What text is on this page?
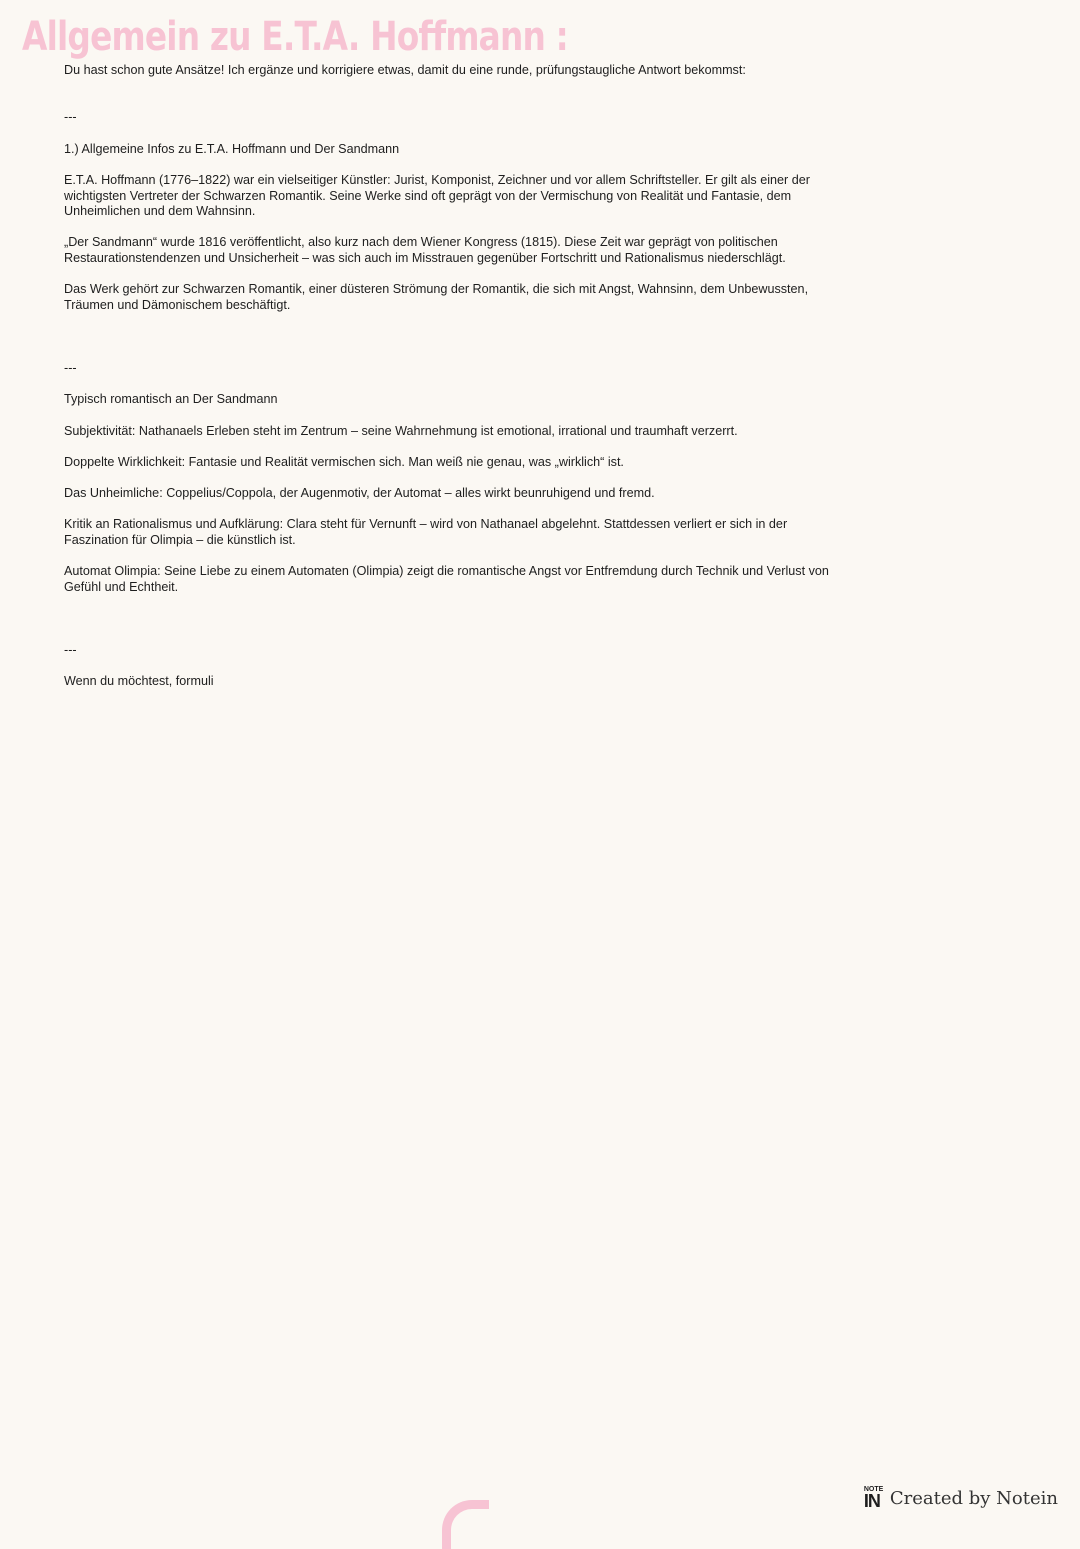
Allgemein zu E.T.A. Hoffmann :
Du hast schon gute Ansätze! Ich ergänze und korrigiere etwas, damit du eine runde, prüfungstaugliche Antwort bekommst:
---
1.) Allgemeine Infos zu E.T.A. Hoffmann und Der Sandmann
E.T.A. Hoffmann (1776–1822) war ein vielseitiger Künstler: Jurist, Komponist, Zeichner und vor allem Schriftsteller. Er gilt als einer der wichtigsten Vertreter der Schwarzen Romantik. Seine Werke sind oft geprägt von der Vermischung von Realität und Fantasie, dem Unheimlichen und dem Wahnsinn.
„Der Sandmann“ wurde 1816 veröffentlicht, also kurz nach dem Wiener Kongress (1815). Diese Zeit war geprägt von politischen Restaurationstendenzen und Unsicherheit – was sich auch im Misstrauen gegenüber Fortschritt und Rationalismus niederschlägt.
Das Werk gehört zur Schwarzen Romantik, einer düsteren Strömung der Romantik, die sich mit Angst, Wahnsinn, dem Unbewussten, Träumen und Dämonischem beschäftigt.
---
Typisch romantisch an Der Sandmann
Subjektivität: Nathanaels Erleben steht im Zentrum – seine Wahrnehmung ist emotional, irrational und traumhaft verzerrt.
Doppelte Wirklichkeit: Fantasie und Realität vermischen sich. Man weiß nie genau, was „wirklich“ ist.
Das Unheimliche: Coppelius/Coppola, der Augenmotiv, der Automat – alles wirkt beunruhigend und fremd.
Kritik an Rationalismus und Aufklärung: Clara steht für Vernunft – wird von Nathanael abgelehnt. Stattdessen verliert er sich in der Faszination für Olimpia – die künstlich ist.
Automat Olimpia: Seine Liebe zu einem Automaten (Olimpia) zeigt die romantische Angst vor Entfremdung durch Technik und Verlust von Gefühl und Echtheit.
---
Wenn du möchtest, formuli
NOTE
IN Created by Notein
